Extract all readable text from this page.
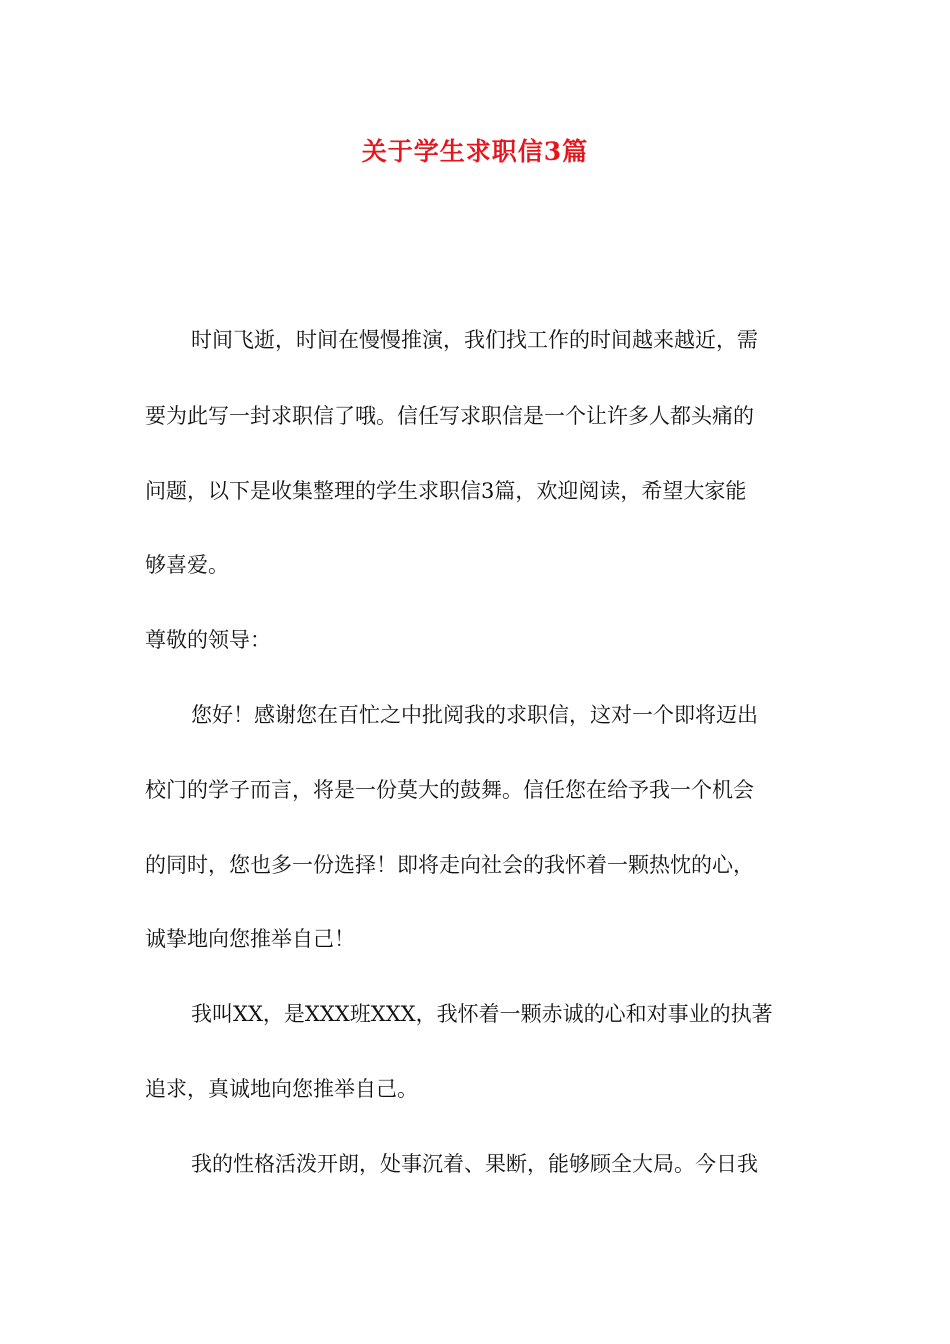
关于学生求职信3篇

时间飞逝，时间在慢慢推演，我们找工作的时间越来越近，需

要为此写一封求职信了哦。信任写求职信是一个让许多人都头痛的

问题，以下是收集整理的学生求职信3篇，欢迎阅读，希望大家能

够喜爱。

尊敬的领导：

您好！感谢您在百忙之中批阅我的求职信，这对一个即将迈出

校门的学子而言，将是一份莫大的鼓舞。信任您在给予我一个机会

的同时，您也多一份选择！即将走向社会的我怀着一颗热忱的心，

诚挚地向您推举自己！

我叫XX，是XXX班XXX，我怀着一颗赤诚的心和对事业的执著

追求，真诚地向您推举自己。

我的性格活泼开朗，处事沉着、果断，能够顾全大局。今日我
